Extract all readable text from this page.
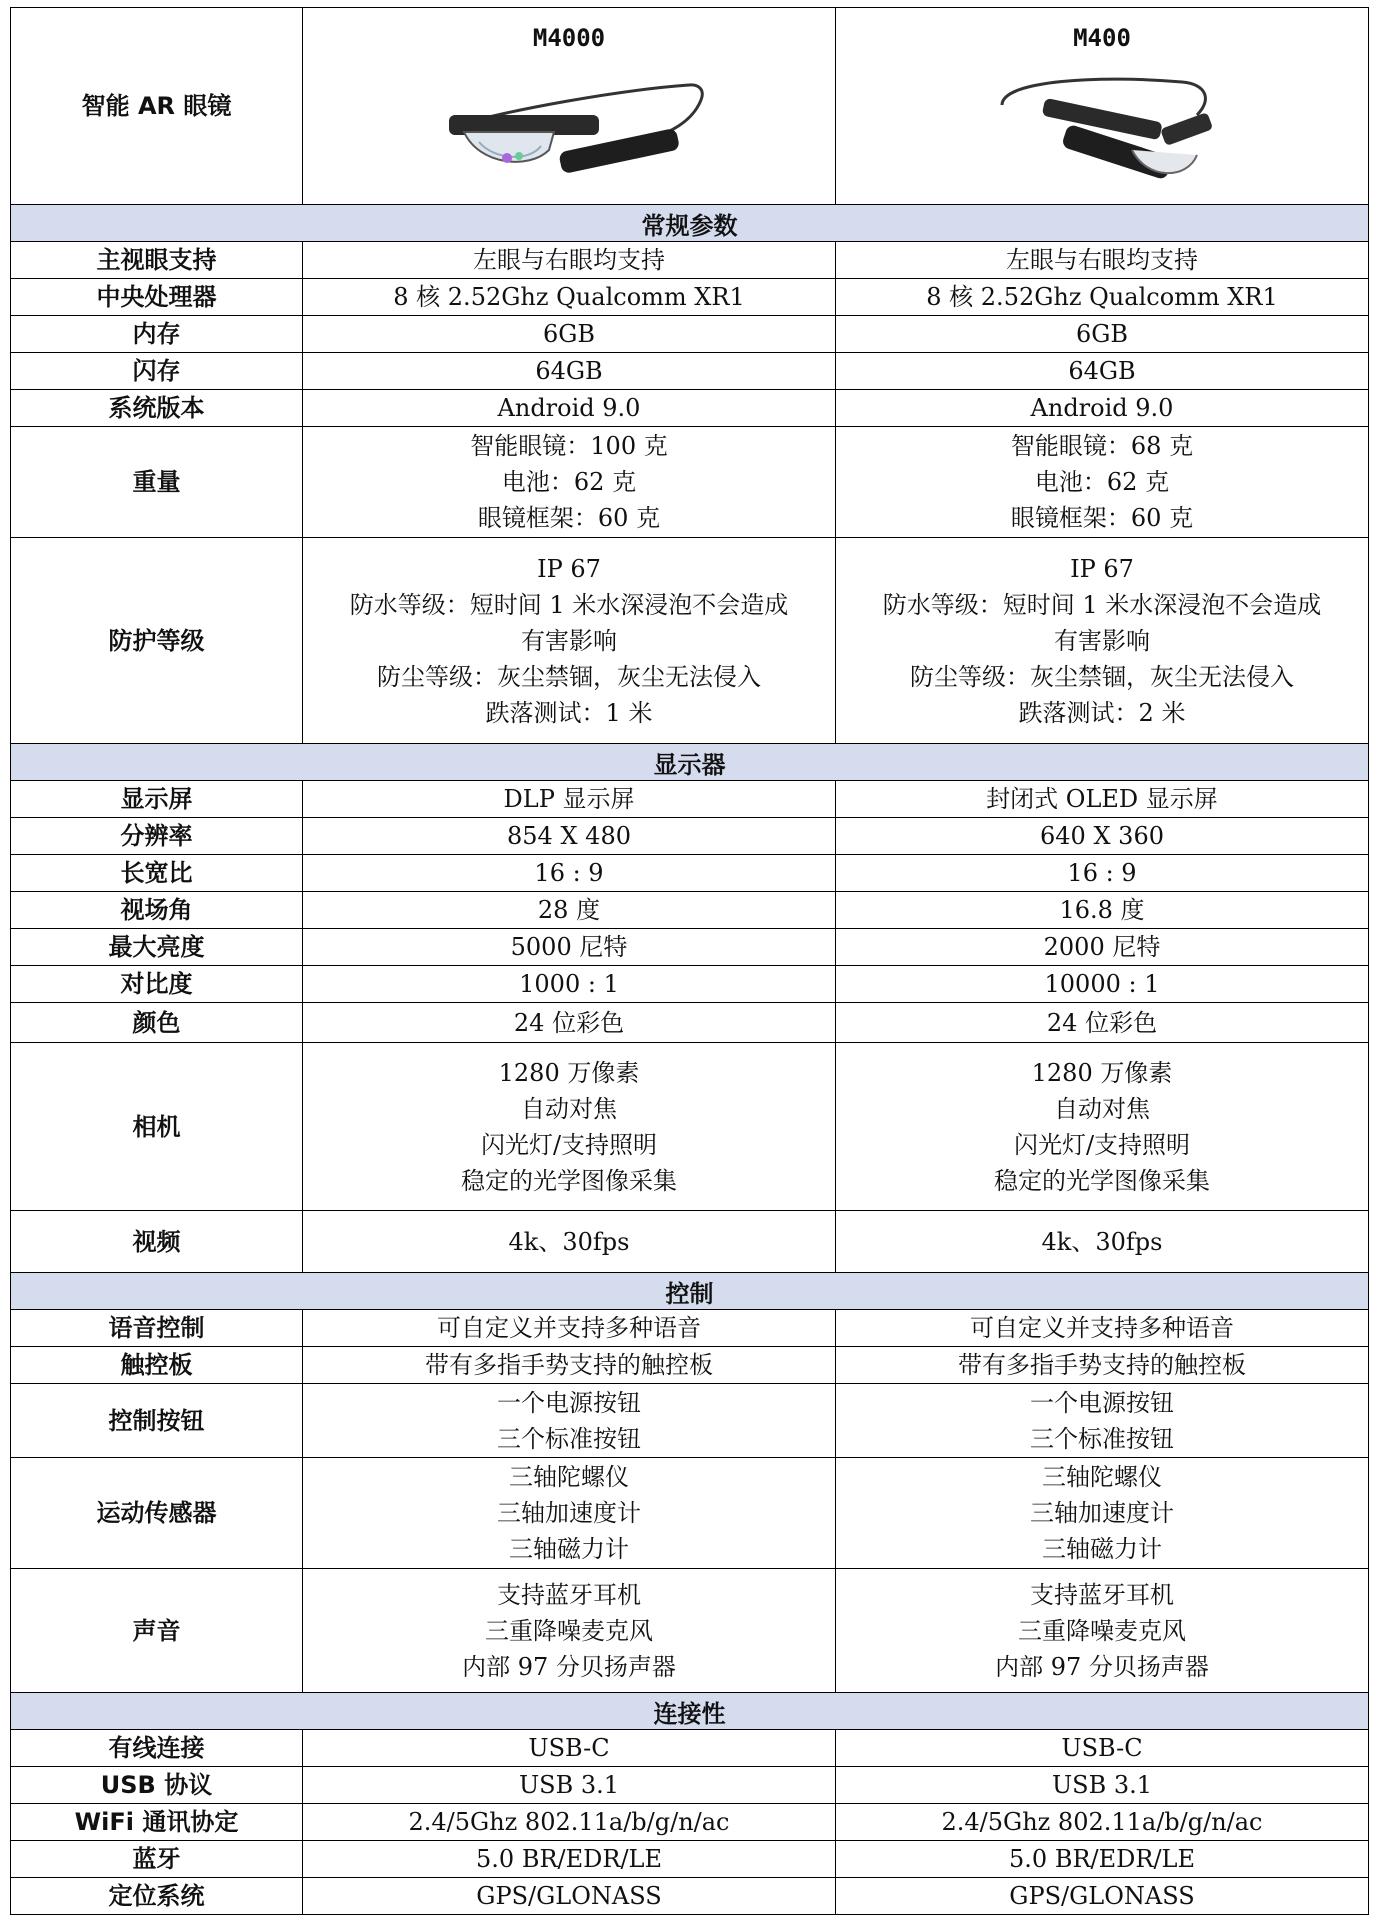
智能 AR 眼镜	M4000	M400

常规参数		
主视眼支持	左眼与右眼均支持	左眼与右眼均支持

中央处理器	8 核 2.52Ghz Qualcomm XR1	8 核 2.52Ghz Qualcomm XR1

内存	6GB	6GB

闪存	64GB	64GB

系统版本	Android 9.0	Android 9.0

重量	智能眼镜：100 克
电池：62 克
眼镜框架：60 克	智能眼镜：68 克
电池：62 克
眼镜框架：60 克

防护等级	IP 67
防水等级：短时间 1 米水深浸泡不会造成
有害影响
防尘等级：灰尘禁锢，灰尘无法侵入
跌落测试：1 米	IP 67
防水等级：短时间 1 米水深浸泡不会造成
有害影响
防尘等级：灰尘禁锢，灰尘无法侵入
跌落测试：2 米

显示器		
显示屏	DLP 显示屏	封闭式 OLED 显示屏

分辨率	854 X 480	640 X 360

长宽比	16 : 9	16 : 9

视场角	28 度	16.8 度

最大亮度	5000 尼特	2000 尼特

对比度	1000 : 1	10000 : 1

颜色	24 位彩色	24 位彩色

相机	1280 万像素
自动对焦
闪光灯/支持照明
稳定的光学图像采集	1280 万像素
自动对焦
闪光灯/支持照明
稳定的光学图像采集

视频	4k、30fps	4k、30fps

控制		
语音控制	可自定义并支持多种语音	可自定义并支持多种语音

触控板	带有多指手势支持的触控板	带有多指手势支持的触控板

控制按钮	一个电源按钮
三个标准按钮	一个电源按钮
三个标准按钮

运动传感器	三轴陀螺仪
三轴加速度计
三轴磁力计	三轴陀螺仪
三轴加速度计
三轴磁力计

声音	支持蓝牙耳机
三重降噪麦克风
内部 97 分贝扬声器	支持蓝牙耳机
三重降噪麦克风
内部 97 分贝扬声器

连接性		
有线连接	USB-C	USB-C

USB 协议	USB 3.1	USB 3.1

WiFi 通讯协定	2.4/5Ghz 802.11a/b/g/n/ac	2.4/5Ghz 802.11a/b/g/n/ac

蓝牙	5.0 BR/EDR/LE	5.0 BR/EDR/LE

定位系统	GPS/GLONASS	GPS/GLONASS
